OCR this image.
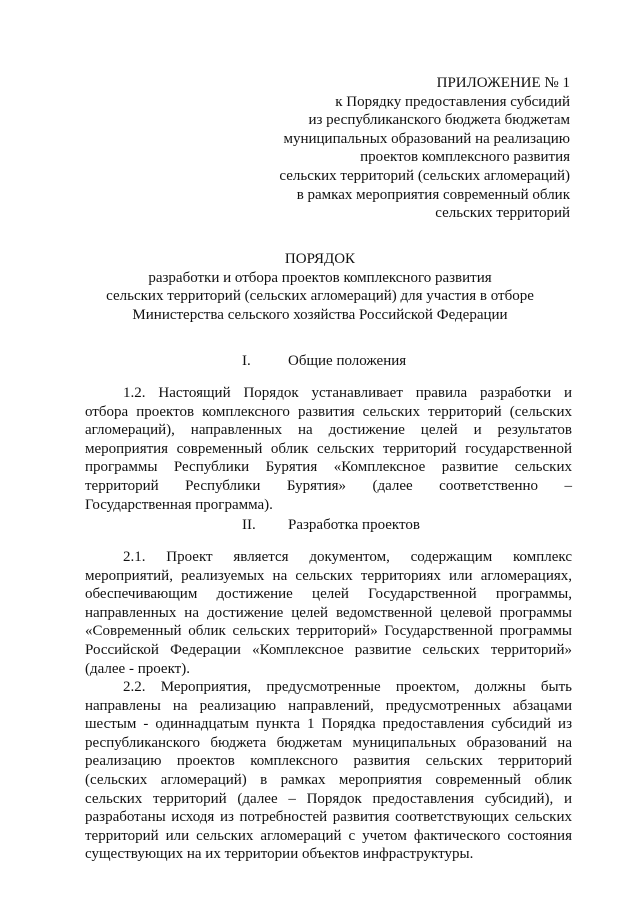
ПРИЛОЖЕНИЕ № 1
к Порядку предоставления субсидий
из республиканского бюджета бюджетам
муниципальных образований на реализацию
проектов комплексного развития
сельских территорий (сельских агломераций)
в рамках мероприятия современный облик
сельских территорий
ПОРЯДОК
разработки и отбора проектов комплексного развития
сельских территорий (сельских агломераций) для участия в отборе
Министерства сельского хозяйства Российской Федерации
I. Общие положения
1.2. Настоящий Порядок устанавливает правила разработки и
отбора проектов комплексного развития сельских территорий (сельских
агломераций), направленных на достижение целей и результатов
мероприятия современный облик сельских территорий государственной
программы Республики Бурятия «Комплексное развитие сельских
территорий Республики Бурятия» (далее соответственно –
Государственная программа).
II. Разработка проектов
2.1. Проект является документом, содержащим комплекс
мероприятий, реализуемых на сельских территориях или агломерациях,
обеспечивающим достижение целей Государственной программы,
направленных на достижение целей ведомственной целевой программы
«Современный облик сельских территорий» Государственной программы
Российской Федерации «Комплексное развитие сельских территорий»
(далее - проект).
2.2. Мероприятия, предусмотренные проектом, должны быть
направлены на реализацию направлений, предусмотренных абзацами
шестым - одиннадцатым пункта 1 Порядка предоставления субсидий из
республиканского бюджета бюджетам муниципальных образований на
реализацию проектов комплексного развития сельских территорий
(сельских агломераций) в рамках мероприятия современный облик
сельских территорий (далее – Порядок предоставления субсидий), и
разработаны исходя из потребностей развития соответствующих сельских
территорий или сельских агломераций с учетом фактического состояния
существующих на их территории объектов инфраструктуры.
